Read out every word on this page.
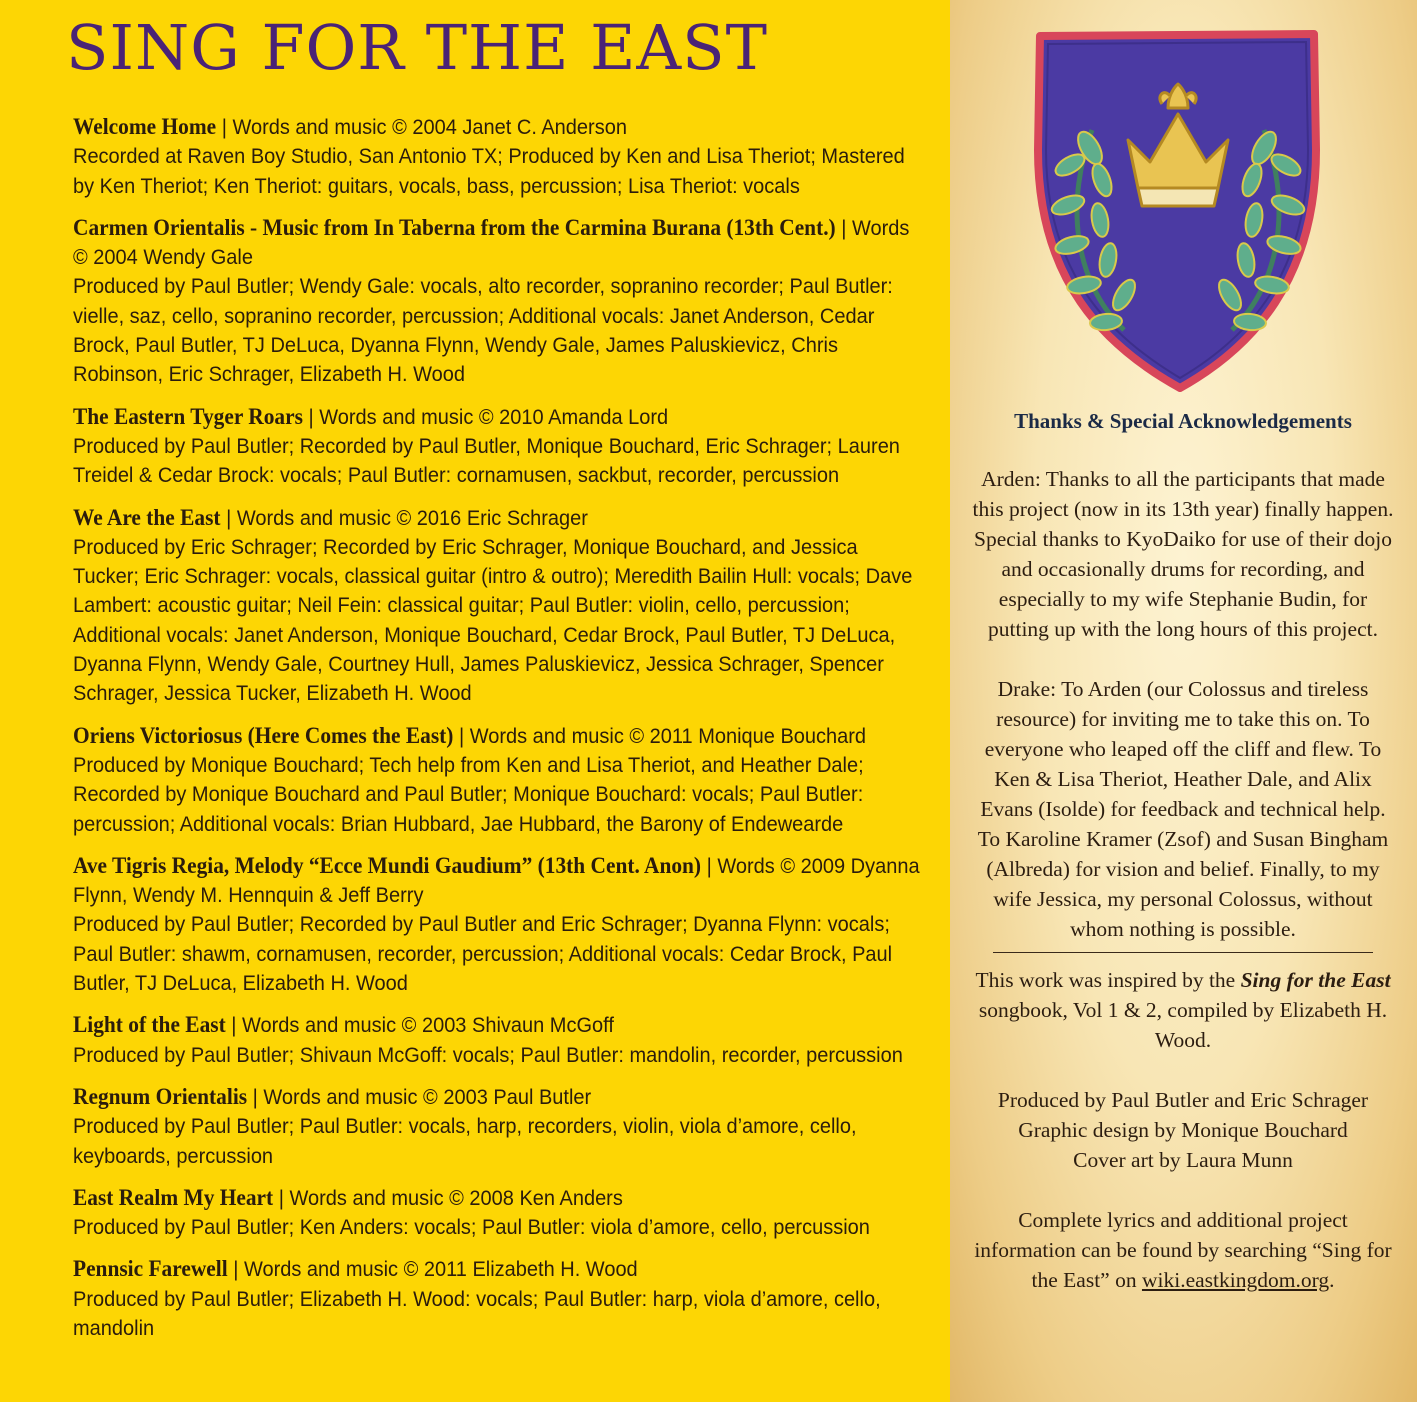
SING FOR THE EAST
Welcome Home | Words and music © 2004 Janet C. Anderson
Recorded at Raven Boy Studio, San Antonio TX; Produced by Ken and Lisa Theriot; Mastered by Ken Theriot; Ken Theriot: guitars, vocals, bass, percussion; Lisa Theriot: vocals
Carmen Orientalis - Music from In Taberna from the Carmina Burana (13th Cent.) | Words © 2004 Wendy Gale
Produced by Paul Butler; Wendy Gale: vocals, alto recorder, sopranino recorder; Paul Butler: vielle, saz, cello, sopranino recorder, percussion; Additional vocals: Janet Anderson, Cedar Brock, Paul Butler, TJ DeLuca, Dyanna Flynn, Wendy Gale, James Paluskievicz, Chris Robinson, Eric Schrager, Elizabeth H. Wood
The Eastern Tyger Roars | Words and music © 2010 Amanda Lord
Produced by Paul Butler; Recorded by Paul Butler, Monique Bouchard, Eric Schrager; Lauren Treidel & Cedar Brock: vocals; Paul Butler: cornamusen, sackbut, recorder, percussion
We Are the East | Words and music © 2016 Eric Schrager
Produced by Eric Schrager; Recorded by Eric Schrager, Monique Bouchard, and Jessica Tucker; Eric Schrager: vocals, classical guitar (intro & outro); Meredith Bailin Hull: vocals; Dave Lambert: acoustic guitar; Neil Fein: classical guitar; Paul Butler: violin, cello, percussion; Additional vocals: Janet Anderson, Monique Bouchard, Cedar Brock, Paul Butler, TJ DeLuca, Dyanna Flynn, Wendy Gale, Courtney Hull, James Paluskievicz, Jessica Schrager, Spencer Schrager, Jessica Tucker, Elizabeth H. Wood
Oriens Victoriosus (Here Comes the East) | Words and music © 2011 Monique Bouchard
Produced by Monique Bouchard; Tech help from Ken and Lisa Theriot, and Heather Dale; Recorded by Monique Bouchard and Paul Butler; Monique Bouchard: vocals; Paul Butler: percussion; Additional vocals: Brian Hubbard, Jae Hubbard, the Barony of Endewearde
Ave Tigris Regia, Melody “Ecce Mundi Gaudium” (13th Cent. Anon) | Words © 2009 Dyanna Flynn, Wendy M. Hennquin & Jeff Berry
Produced by Paul Butler; Recorded by Paul Butler and Eric Schrager; Dyanna Flynn: vocals; Paul Butler: shawm, cornamusen, recorder, percussion; Additional vocals: Cedar Brock, Paul Butler, TJ DeLuca, Elizabeth H. Wood
Light of the East | Words and music © 2003 Shivaun McGoff
Produced by Paul Butler; Shivaun McGoff: vocals; Paul Butler: mandolin, recorder, percussion
Regnum Orientalis | Words and music © 2003 Paul Butler
Produced by Paul Butler; Paul Butler: vocals, harp, recorders, violin, viola d’amore, cello, keyboards, percussion
East Realm My Heart | Words and music © 2008 Ken Anders
Produced by Paul Butler; Ken Anders: vocals; Paul Butler: viola d’amore, cello, percussion
Pennsic Farewell | Words and music © 2011 Elizabeth H. Wood
Produced by Paul Butler; Elizabeth H. Wood: vocals; Paul Butler: harp, viola d’amore, cello, mandolin
Thanks & Special Acknowledgements

Arden: Thanks to all the participants that made this project (now in its 13th year) finally happen. Special thanks to KyoDaiko for use of their dojo and occasionally drums for recording, and especially to my wife Stephanie Budin, for putting up with the long hours of this project.

Drake: To Arden (our Colossus and tireless resource) for inviting me to take this on. To everyone who leaped off the cliff and flew. To Ken & Lisa Theriot, Heather Dale, and Alix Evans (Isolde) for feedback and technical help. To Karoline Kramer (Zsof) and Susan Bingham (Albreda) for vision and belief. Finally, to my wife Jessica, my personal Colossus, without whom nothing is possible.

This work was inspired by the Sing for the East songbook, Vol 1 & 2, compiled by Elizabeth H. Wood.

Produced by Paul Butler and Eric Schrager
Graphic design by Monique Bouchard
Cover art by Laura Munn

Complete lyrics and additional project information can be found by searching “Sing for the East” on wiki.eastkingdom.org.
